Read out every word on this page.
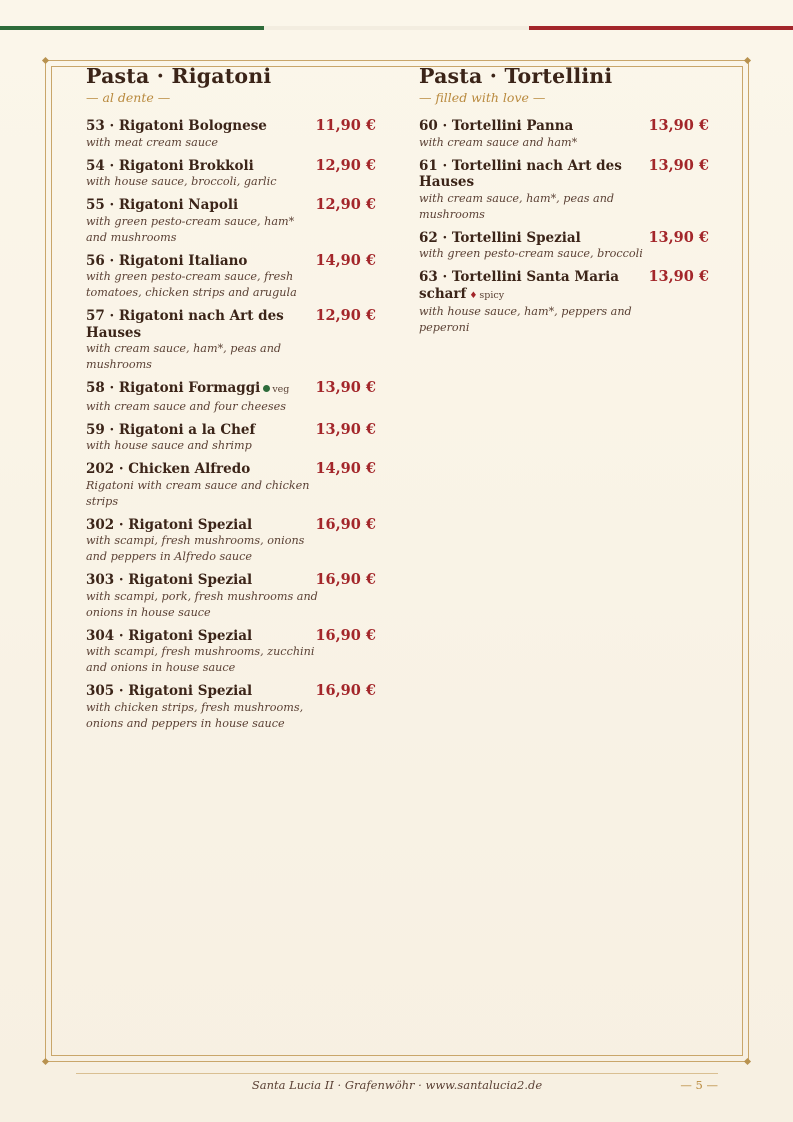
Pasta · Rigatoni
— al dente —
53 · Rigatoni Bolognese	11,90 €
with meat cream sauce
54 · Rigatoni Brokkoli	12,90 €
with house sauce, broccoli, garlic
55 · Rigatoni Napoli	12,90 €
with green pesto-cream sauce, ham* and mushrooms
56 · Rigatoni Italiano	14,90 €
with green pesto-cream sauce, fresh tomatoes, chicken strips and arugula
57 · Rigatoni nach Art des Hauses
12,90 €
with cream sauce, ham*, peas and mushrooms
58 · Rigatoni Formaggi veg	13,90 €
with cream sauce and four cheeses
59 · Rigatoni a la Chef	13,90 €
with house sauce and shrimp
202 · Chicken Alfredo	14,90 €
Rigatoni with cream sauce and chicken strips
302 · Rigatoni Spezial	16,90 €
with scampi, fresh mushrooms, onions and peppers in Alfredo sauce
303 · Rigatoni Spezial	16,90 €
with scampi, pork, fresh mushrooms and onions in house sauce
304 · Rigatoni Spezial	16,90 €
with scampi, fresh mushrooms, zucchini and onions in house sauce
305 · Rigatoni Spezial	16,90 €
with chicken strips, fresh mushrooms, onions and peppers in house sauce
Pasta · Tortellini
— filled with love —
60 · Tortellini Panna	13,90 €
with cream sauce and ham*
61 · Tortellini nach Art des Hauses
13,90 €
with cream sauce, ham*, peas and mushrooms
62 · Tortellini Spezial	13,90 €
with green pesto-cream sauce, broccoli
63 · Tortellini Santa Maria scharf ♦ spicy
13,90 €
with house sauce, ham*, peppers and peperoni
Santa Lucia II · Grafenwöhr · www.santalucia2.de	— 5 —
